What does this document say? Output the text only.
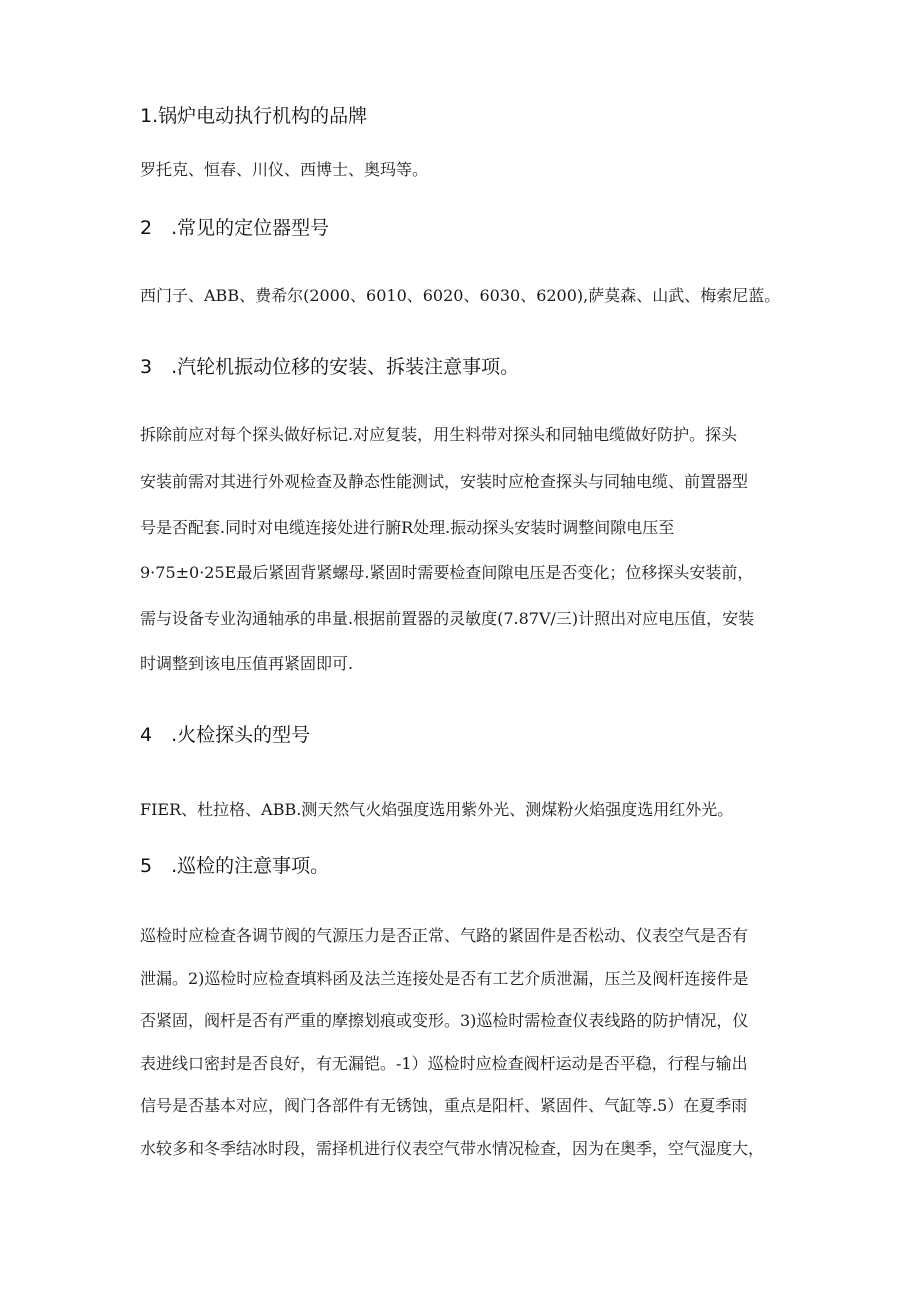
1.锅炉电动执行机构的品牌
罗托克、恒春、川仪、西博士、奥玛等。
2　.常见的定位器型号
西门子、ABB、费希尔(2000、6010、6020、6030、6200),萨莫森、山武、梅索尼蓝。
3　.汽轮机振动位移的安装、拆装注意事项。
拆除前应对每个探头做好标记.对应复装，用生料带对探头和同轴电缆做好防护。探头
安装前需对其进行外观检查及静态性能测试，安装时应枪查探头与同轴电缆、前置器型
号是否配套.同时对电缆连接处进行腑R处理.振动探头安装时调整间隙电压至
9·75±0·25E最后紧固背紧螺母.紧固时需要检查间隙电压是否变化；位移探头安装前，
需与设备专业沟通轴承的串量.根据前置器的灵敏度(7.87V/三)计照出对应电压值，安装
时调整到该电压值再紧固即可.
4　.火检探头的型号
FIER、杜拉格、ABB.测天然气火焰强度选用紫外光、测煤粉火焰强度选用红外光。
5　.巡检的注意事项。
巡检时应检查各调节阀的气源压力是否正常、气路的紧固件是否松动、仪表空气是否有
泄漏。2)巡检时应检查填料函及法兰连接处是否有工艺介质泄漏，压兰及阀杆连接件是
否紧固，阀杆是否有严重的摩擦划痕或变形。3)巡检时需检查仪表线路的防护情况，仪
表进线口密封是否良好，有无漏铠。-1）巡检时应检查阀杆运动是否平稳，行程与输出
信号是否基本对应，阀门各部件有无锈蚀，重点是阳杆、紧固件、气缸等.5）在夏季雨
水较多和冬季结冰时段，需择机进行仪表空气带水情况检查，因为在奥季，空气湿度大，
